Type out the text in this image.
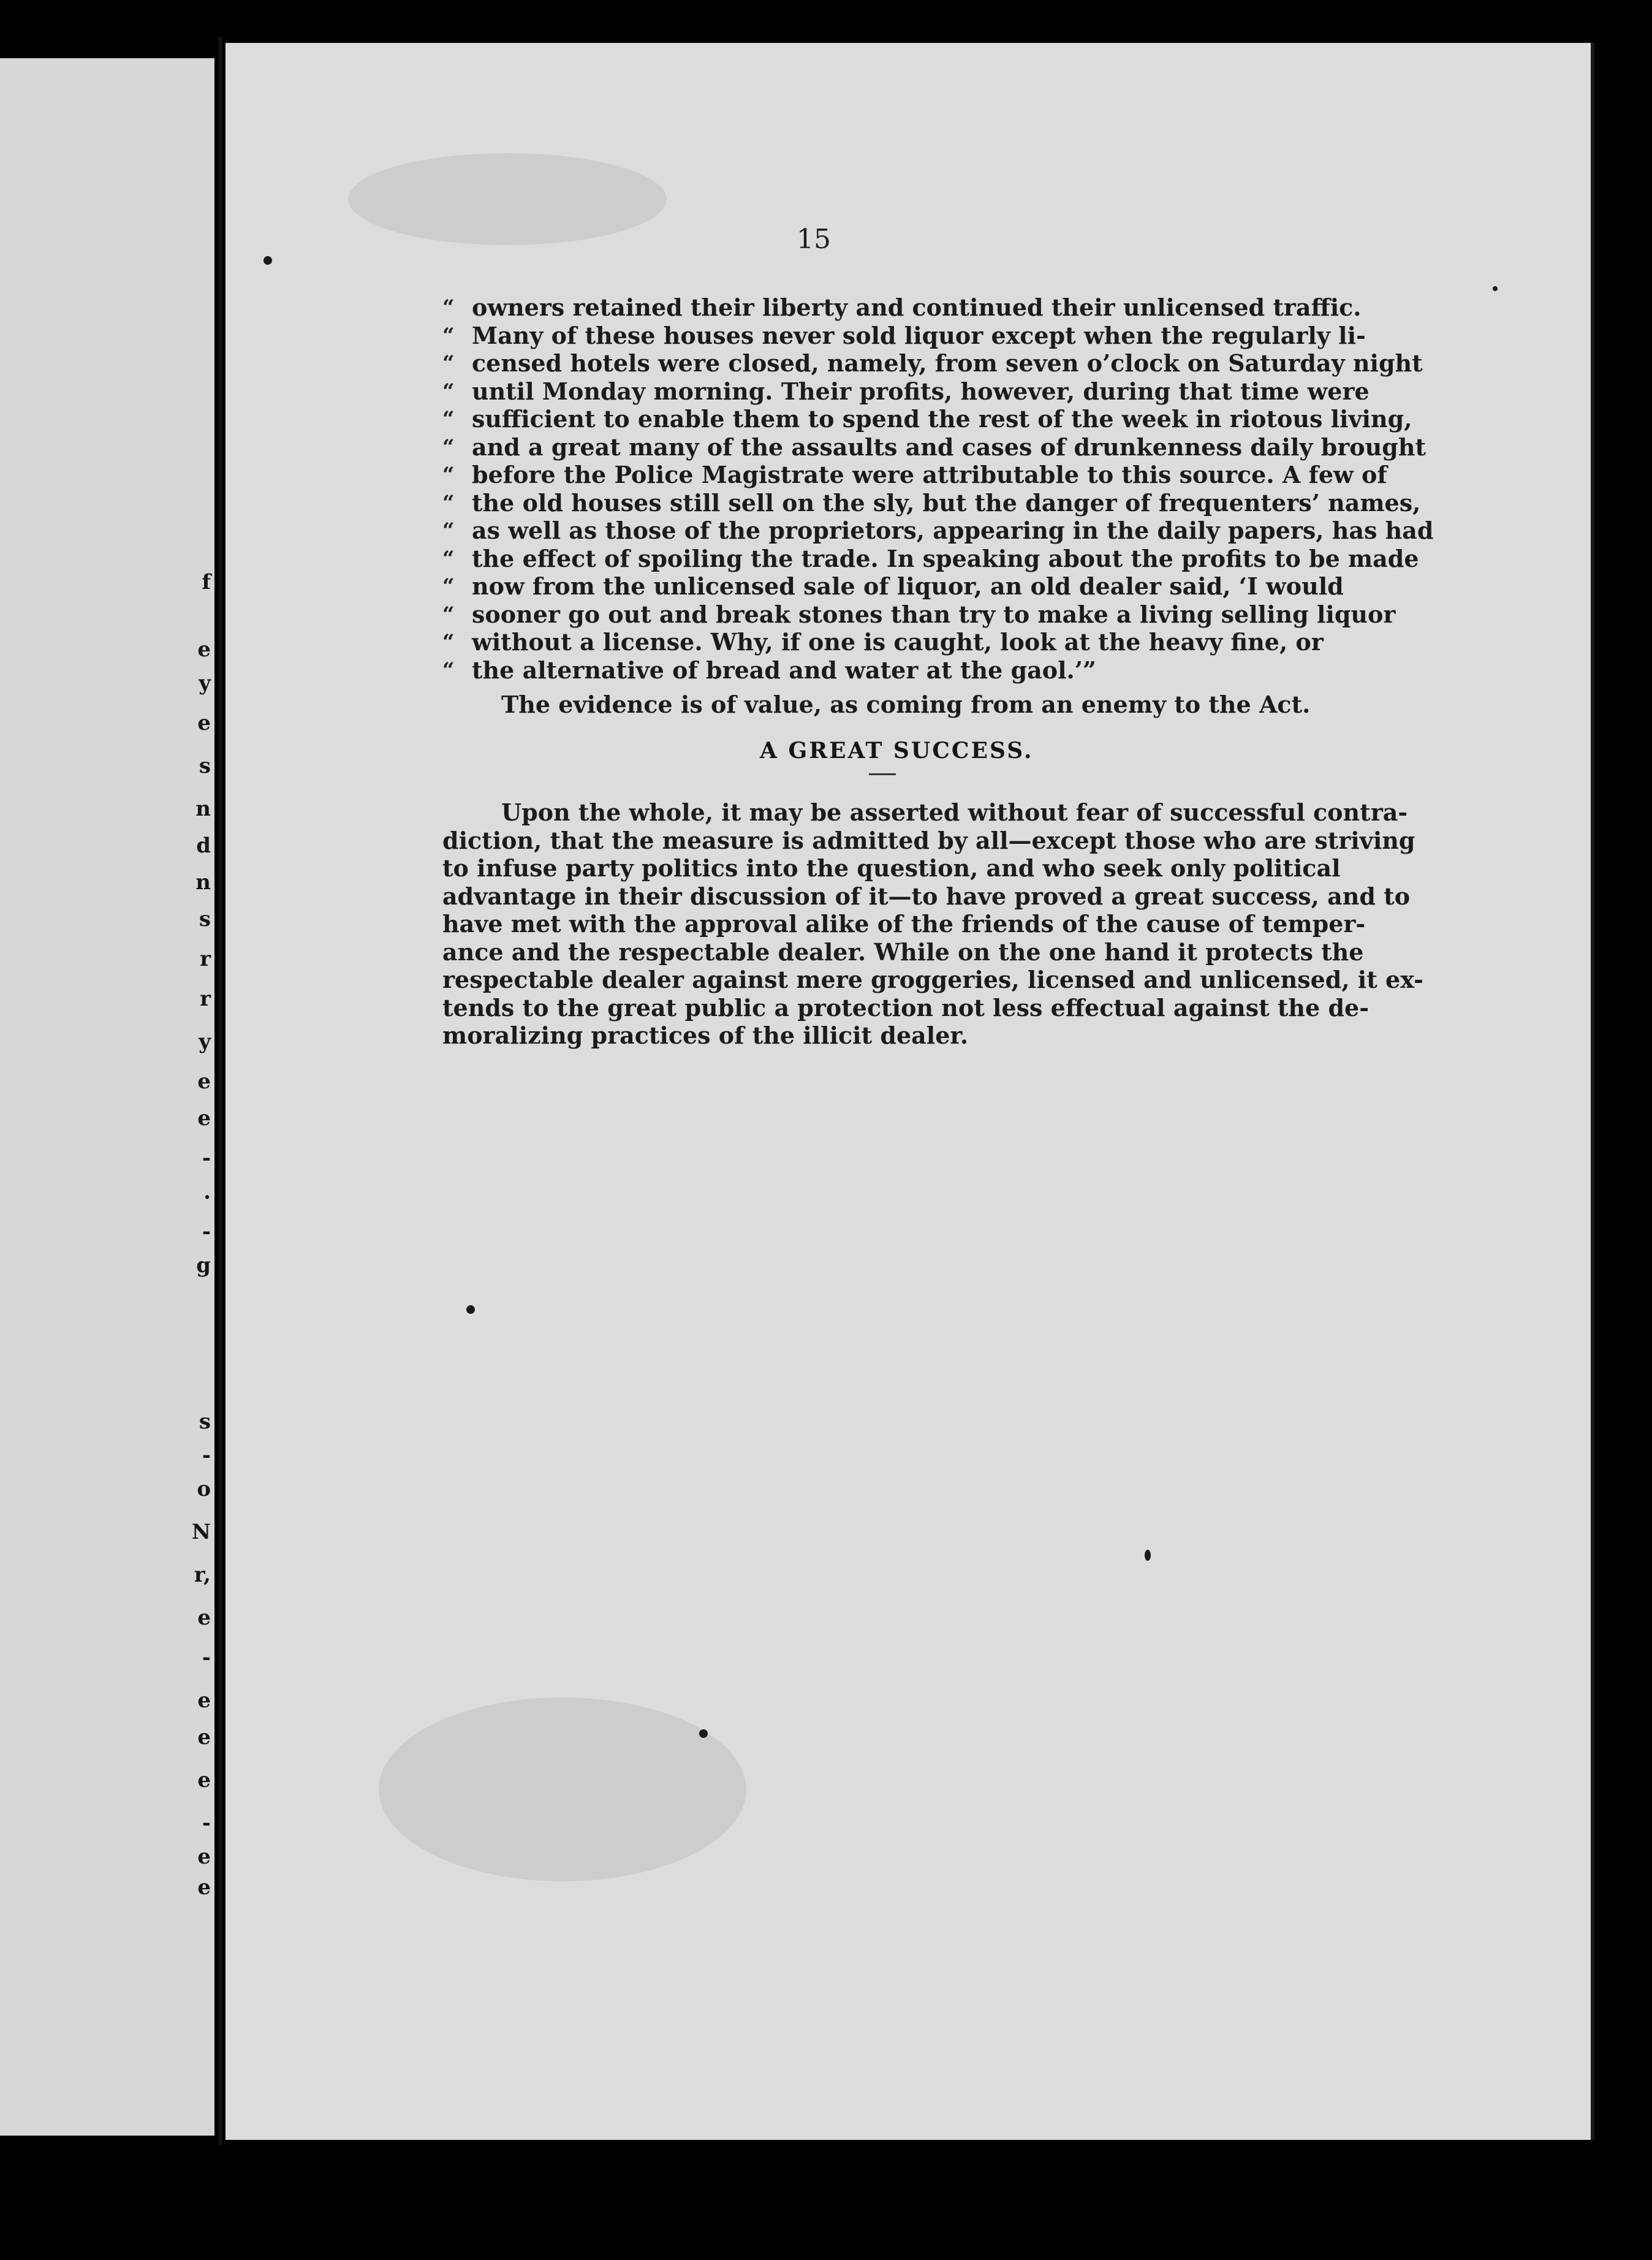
f
e
y
e
s
n
d
n
s
r
r
y
e
e
-
.
-
g
s
-
o
N
r,
e
-
e
e
e
-
e
e
15
“ owners retained their liberty and continued their unlicensed traffic.
“ Many of these houses never sold liquor except when the regularly li-
“ censed hotels were closed, namely, from seven o’clock on Saturday night
“ until Monday morning. Their profits, however, during that time were
“ sufficient to enable them to spend the rest of the week in riotous living,
“ and a great many of the assaults and cases of drunkenness daily brought
“ before the Police Magistrate were attributable to this source. A few of
“ the old houses still sell on the sly, but the danger of frequenters’ names,
“ as well as those of the proprietors, appearing in the daily papers, has had
“ the effect of spoiling the trade. In speaking about the profits to be made
“ now from the unlicensed sale of liquor, an old dealer said, ‘I would
“ sooner go out and break stones than try to make a living selling liquor
“ without a license. Why, if one is caught, look at the heavy fine, or
“ the alternative of bread and water at the gaol.’”
The evidence is of value, as coming from an enemy to the Act.
A GREAT SUCCESS.
Upon the whole, it may be asserted without fear of successful contra-
diction, that the measure is admitted by all—except those who are striving
to infuse party politics into the question, and who seek only political
advantage in their discussion of it—to have proved a great success, and to
have met with the approval alike of the friends of the cause of temper-
ance and the respectable dealer. While on the one hand it protects the
respectable dealer against mere groggeries, licensed and unlicensed, it ex-
tends to the great public a protection not less effectual against the de-
moralizing practices of the illicit dealer.
